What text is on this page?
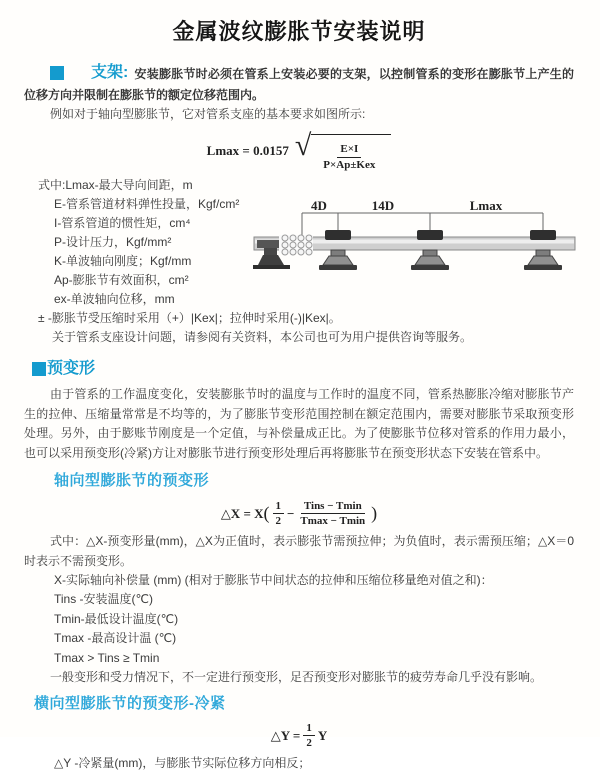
金属波纹膨胀节安装说明

支架: 安装膨胀节时必须在管系上安装必要的支架，以控制管系的变形在膨胀节上产生的位移方向并限制在膨胀节的额定位移范围内。

例如对于轴向型膨胀节，它对管系支座的基本要求如图所示:

Lmax = 0.0157 √ $\frac{E\times I}{\text{P×Ap±Kex}}$
式中:Lmax-最大导向间距，m
E-管系管道材料弹性投量，Kgf/cm²
I-管系管道的惯性矩，cm⁴
P-设计压力，Kgf/mm²
K-单波轴向刚度；Kgf/mm
Ap-膨胀节有效面积，cm²
ex-单波轴向位移，mm
4D	14D	Lmax

± -膨胀节受压缩时采用（+）|Kex|；拉伸时采用(-)|Kex|。

关于管系支座设计问题，请参阅有关资料，本公司也可为用户提供咨询等服务。

预变形

由于管系的工作温度变化，安装膨胀节时的温度与工作时的温度不同，管系热膨胀冷缩对膨胀节产生的拉伸、压缩量常常是不均等的，为了膨胀节变形范围控制在额定范围内，需要对膨胀节采取预变形处理。另外，由于膨账节刚度是一个定值，与补偿量成正比。为了使膨胀节位移对管系的作用力最小，也可以采用预变形(冷紧)方让对膨胀节进行预变形处理后再将膨胀节在预变形状态下安装在管系中。

轴向型膨胀节的预变形
△X = X ( $\frac{1}{2} - \frac{\text{Tins − Tmin}}{Tmax - Tmin}$ )

式中：△X-预变形量(mm)，△X为正值时，表示膨张节需预拉伸；为负值时，表示需预压缩；△X＝0时表示不需预变形。

X-实际轴向补偿量 (mm) (相对于膨胀节中间状态的拉伸和压缩位移量绝对值之和)：

Tins -安装温度(℃)

Tmin-最低设计温度(℃)

Tmax -最高设计温 (℃)

Tmax > Tins ≥ Tmin

一般变形和受力情况下，不一定进行预变形，足否预变形对膨胀节的疲劳寿命几乎没有影响。

横向型膨胀节的预变形-冷紧
△Y = $\frac{1}{2}$ Y

△Y -冷紧量(mm)，与膨胀节实际位移方向相反；
